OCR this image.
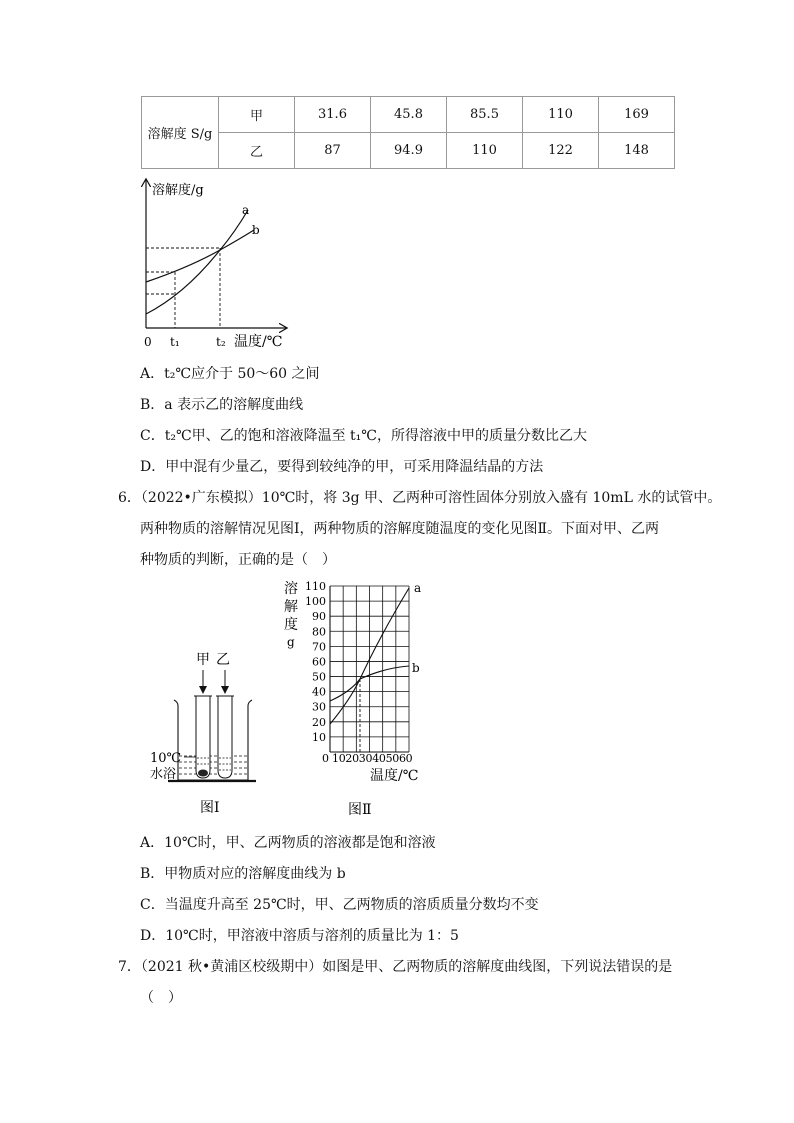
溶解度 S/g	甲	31.6	45.8	85.5	110	169
	乙	87	94.9	110	122	148
溶解度/g
a
b
0 t₁	t₂ 温度/℃
A．t₂℃应介于 50～60 之间
B．a 表示乙的溶解度曲线
C．t₂℃甲、乙的饱和溶液降温至 t₁℃，所得溶液中甲的质量分数比乙大
D．甲中混有少量乙，要得到较纯净的甲，可采用降温结晶的方法
6．（2022•广东模拟）10℃时，将 3g 甲、乙两种可溶性固体分别放入盛有 10mL 水的试管中。
两种物质的溶解情况见图Ⅰ，两种物质的溶解度随温度的变化见图Ⅱ。下面对甲、乙两
种物质的判断，正确的是（　）
甲 乙
10℃
水浴
图Ⅰ
溶
解
度
g
110
100
90
80
70
60
50
40
30
20
10
0 102030405060
温度/℃
a
b
图Ⅱ
A．10℃时，甲、乙两物质的溶液都是饱和溶液
B．甲物质对应的溶解度曲线为 b
C．当温度升高至 25℃时，甲、乙两物质的溶质质量分数均不变
D．10℃时，甲溶液中溶质与溶剂的质量比为 1：5
7．（2021 秋•黄浦区校级期中）如图是甲、乙两物质的溶解度曲线图，下列说法错误的是
（　）
